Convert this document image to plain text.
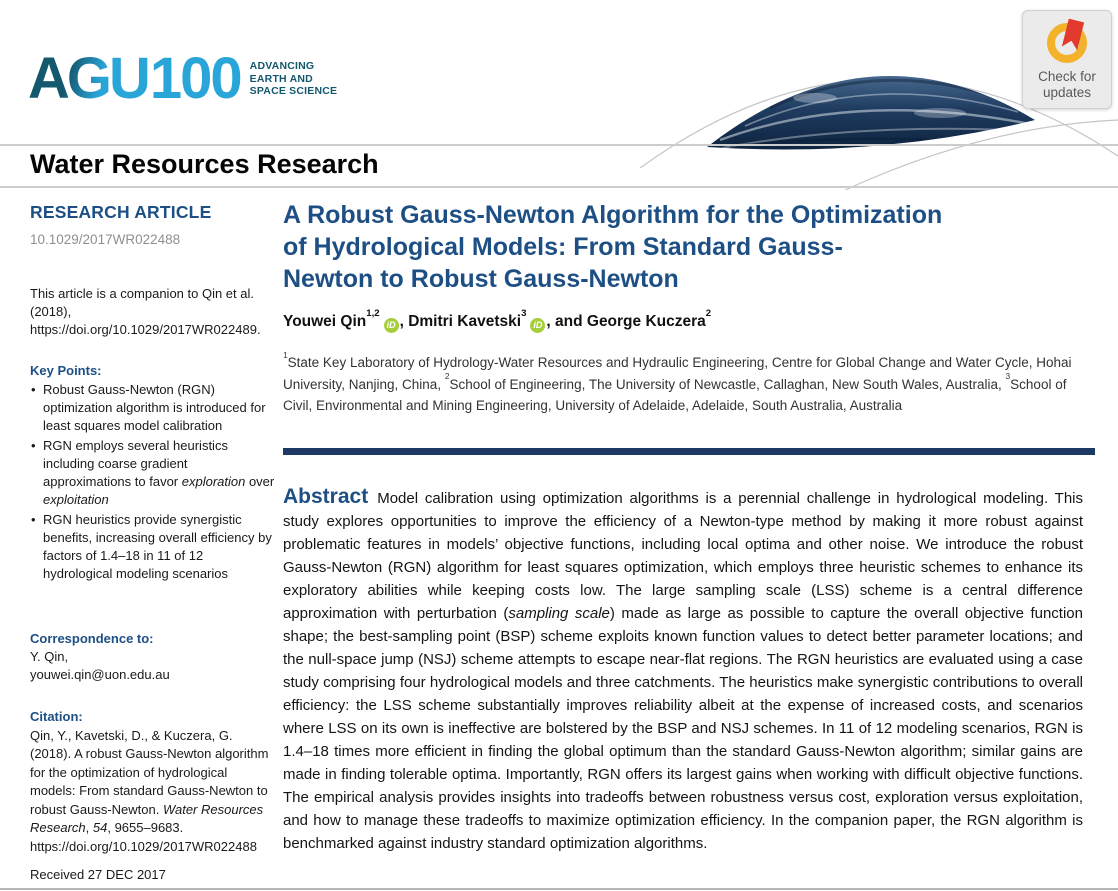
AGU 100 ADVANCING
EARTH AND
SPACE SCIENCE
Check for
updates
Water Resources Research
RESEARCH ARTICLE
10.1029/2017WR022488
This article is a companion to Qin et al. (2018), https://doi.org/10.1029/2017WR022489.
Key Points:
• Robust Gauss-Newton (RGN) optimization algorithm is introduced for least squares model calibration
• RGN employs several heuristics including coarse gradient approximations to favor exploration over exploitation
• RGN heuristics provide synergistic benefits, increasing overall efficiency by factors of 1.4–18 in 11 of 12 hydrological modeling scenarios
Correspondence to:
Y. Qin,
youwei.qin@uon.edu.au
Citation:
Qin, Y., Kavetski, D., & Kuczera, G. (2018). A robust Gauss-Newton algorithm for the optimization of hydrological models: From standard Gauss-Newton to robust Gauss-Newton. Water Resources Research, 54, 9655–9683. https://doi.org/10.1029/2017WR022488
Received 27 DEC 2017
A Robust Gauss-Newton Algorithm for the Optimization
of Hydrological Models: From Standard Gauss-
Newton to Robust Gauss-Newton
Youwei Qin$^{1,2}$iD , Dmitri Kavetski$^3$iD , and George Kuczera$^2$
$^1$State Key Laboratory of Hydrology-Water Resources and Hydraulic Engineering, Centre for Global Change and Water Cycle, Hohai University, Nanjing, China, $^2$School of Engineering, The University of Newcastle, Callaghan, New South Wales, Australia, $^3$School of Civil, Environmental and Mining Engineering, University of Adelaide, Adelaide, South Australia, Australia

Abstract Model calibration using optimization algorithms is a perennial challenge in hydrological modeling. This study explores opportunities to improve the efficiency of a Newton-type method by making it more robust against problematic features in models’ objective functions, including local optima and other noise. We introduce the robust Gauss-Newton (RGN) algorithm for least squares optimization, which employs three heuristic schemes to enhance its exploratory abilities while keeping costs low. The large sampling scale (LSS) scheme is a central difference approximation with perturbation (sampling scale) made as large as possible to capture the overall objective function shape; the best-sampling point (BSP) scheme exploits known function values to detect better parameter locations; and the null-space jump (NSJ) scheme attempts to escape near-flat regions. The RGN heuristics are evaluated using a case study comprising four hydrological models and three catchments. The heuristics make synergistic contributions to overall efficiency: the LSS scheme substantially improves reliability albeit at the expense of increased costs, and scenarios where LSS on its own is ineffective are bolstered by the BSP and NSJ schemes. In 11 of 12 modeling scenarios, RGN is 1.4–18 times more efficient in finding the global optimum than the standard Gauss-Newton algorithm; similar gains are made in finding tolerable optima. Importantly, RGN offers its largest gains when working with difficult objective functions. The empirical analysis provides insights into tradeoffs between robustness versus cost, exploration versus exploitation, and how to manage these tradeoffs to maximize optimization efficiency. In the companion paper, the RGN algorithm is benchmarked against industry standard optimization algorithms.
